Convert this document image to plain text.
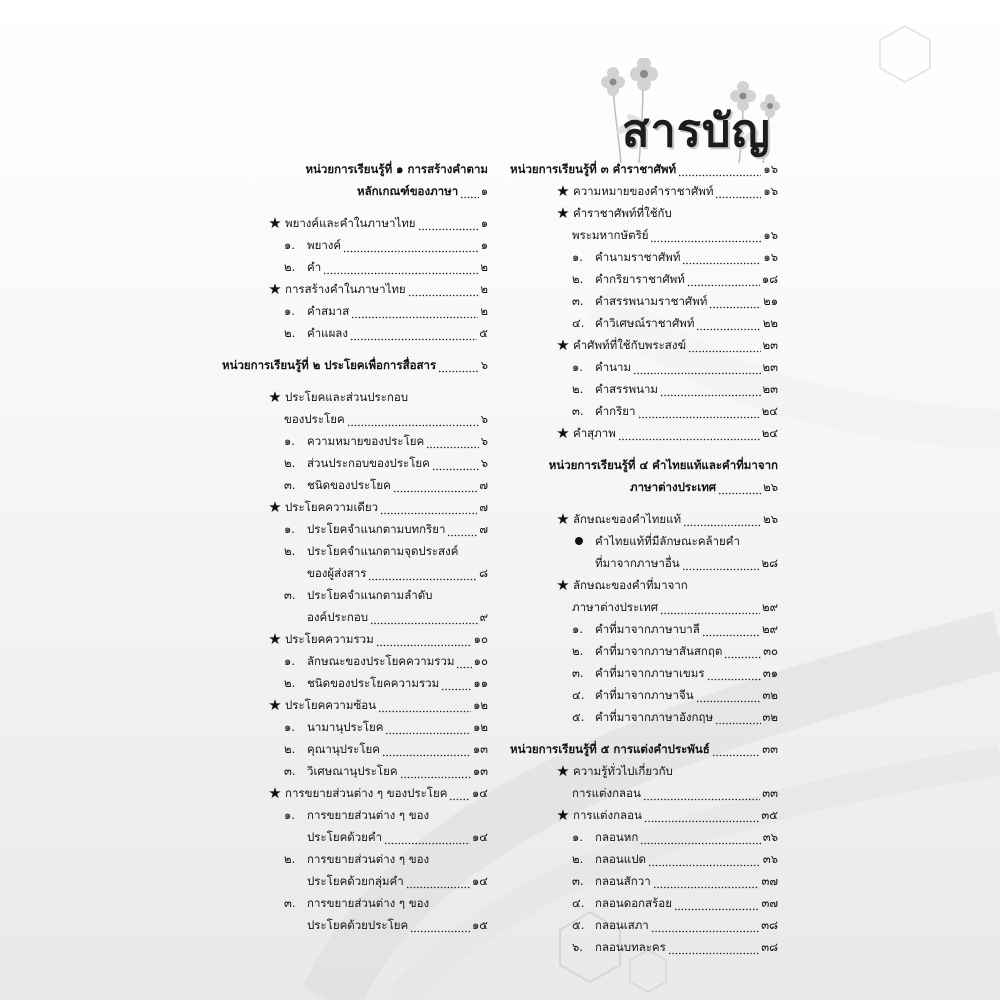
สารบัญ
หน่วยการเรียนรู้ที่ ๑ การสร้างคำตาม
หลักเกณฑ์ของภาษา ๑
★ พยางค์และคำในภาษาไทย	๑
๑. พยางค์	๑
๒. คำ	๒
★ การสร้างคำในภาษาไทย	๒
๑. คำสมาส	๒
๒. คำแผลง	๕
หน่วยการเรียนรู้ที่ ๒ ประโยคเพื่อการสื่อสาร	๖
★ ประโยคและส่วนประกอบ
ของประโยค	๖
๑. ความหมายของประโยค	๖
๒. ส่วนประกอบของประโยค	๖
๓. ชนิดของประโยค	๗
★ ประโยคความเดียว	๗
๑. ประโยคจำแนกตามบทกริยา	๗
๒. ประโยคจำแนกตามจุดประสงค์
ของผู้ส่งสาร	๘
๓. ประโยคจำแนกตามลำดับ
องค์ประกอบ	๙
★ ประโยคความรวม	๑๐
๑. ลักษณะของประโยคความรวม ๑๐
๒. ชนิดของประโยคความรวม	๑๑
★ ประโยคความซ้อน	๑๒
๑. นามานุประโยค	๑๒
๒. คุณานุประโยค	๑๓
๓. วิเศษณานุประโยค	๑๓
★ การขยายส่วนต่าง ๆ ของประโยค ๑๔
๑. การขยายส่วนต่าง ๆ ของ
ประโยคด้วยคำ	๑๔
๒. การขยายส่วนต่าง ๆ ของ
ประโยคด้วยกลุ่มคำ	๑๔
๓. การขยายส่วนต่าง ๆ ของ
ประโยคด้วยประโยค	๑๕
หน่วยการเรียนรู้ที่ ๓ คำราชาศัพท์	๑๖
★ ความหมายของคำราชาศัพท์	๑๖
★ คำราชาศัพท์ที่ใช้กับ
พระมหากษัตริย์	๑๖
๑. คำนามราชาศัพท์	๑๖
๒. คำกริยาราชาศัพท์	๑๘
๓. คำสรรพนามราชาศัพท์	๒๑
๔. คำวิเศษณ์ราชาศัพท์	๒๒
★ คำศัพท์ที่ใช้กับพระสงฆ์	๒๓
๑. คำนาม	๒๓
๒. คำสรรพนาม	๒๓
๓. คำกริยา	๒๔
★ คำสุภาพ	๒๔
หน่วยการเรียนรู้ที่ ๔ คำไทยแท้และคำที่มาจาก
ภาษาต่างประเทศ	๒๖
★ ลักษณะของคำไทยแท้	๒๖
คำไทยแท้ที่มีลักษณะคล้ายคำ
ที่มาจากภาษาอื่น	๒๘
★ ลักษณะของคำที่มาจาก
ภาษาต่างประเทศ	๒๙
๑. คำที่มาจากภาษาบาลี	๒๙
๒. คำที่มาจากภาษาสันสกฤต	๓๐
๓. คำที่มาจากภาษาเขมร	๓๑
๔. คำที่มาจากภาษาจีน	๓๒
๕. คำที่มาจากภาษาอังกฤษ	๓๒
หน่วยการเรียนรู้ที่ ๕ การแต่งคำประพันธ์	๓๓
★ ความรู้ทั่วไปเกี่ยวกับ
การแต่งกลอน	๓๓
★ การแต่งกลอน	๓๕
๑. กลอนหก	๓๖
๒. กลอนแปด	๓๖
๓. กลอนสักวา	๓๗
๔. กลอนดอกสร้อย	๓๗
๕. กลอนเสภา	๓๘
๖. กลอนบทละคร	๓๘
